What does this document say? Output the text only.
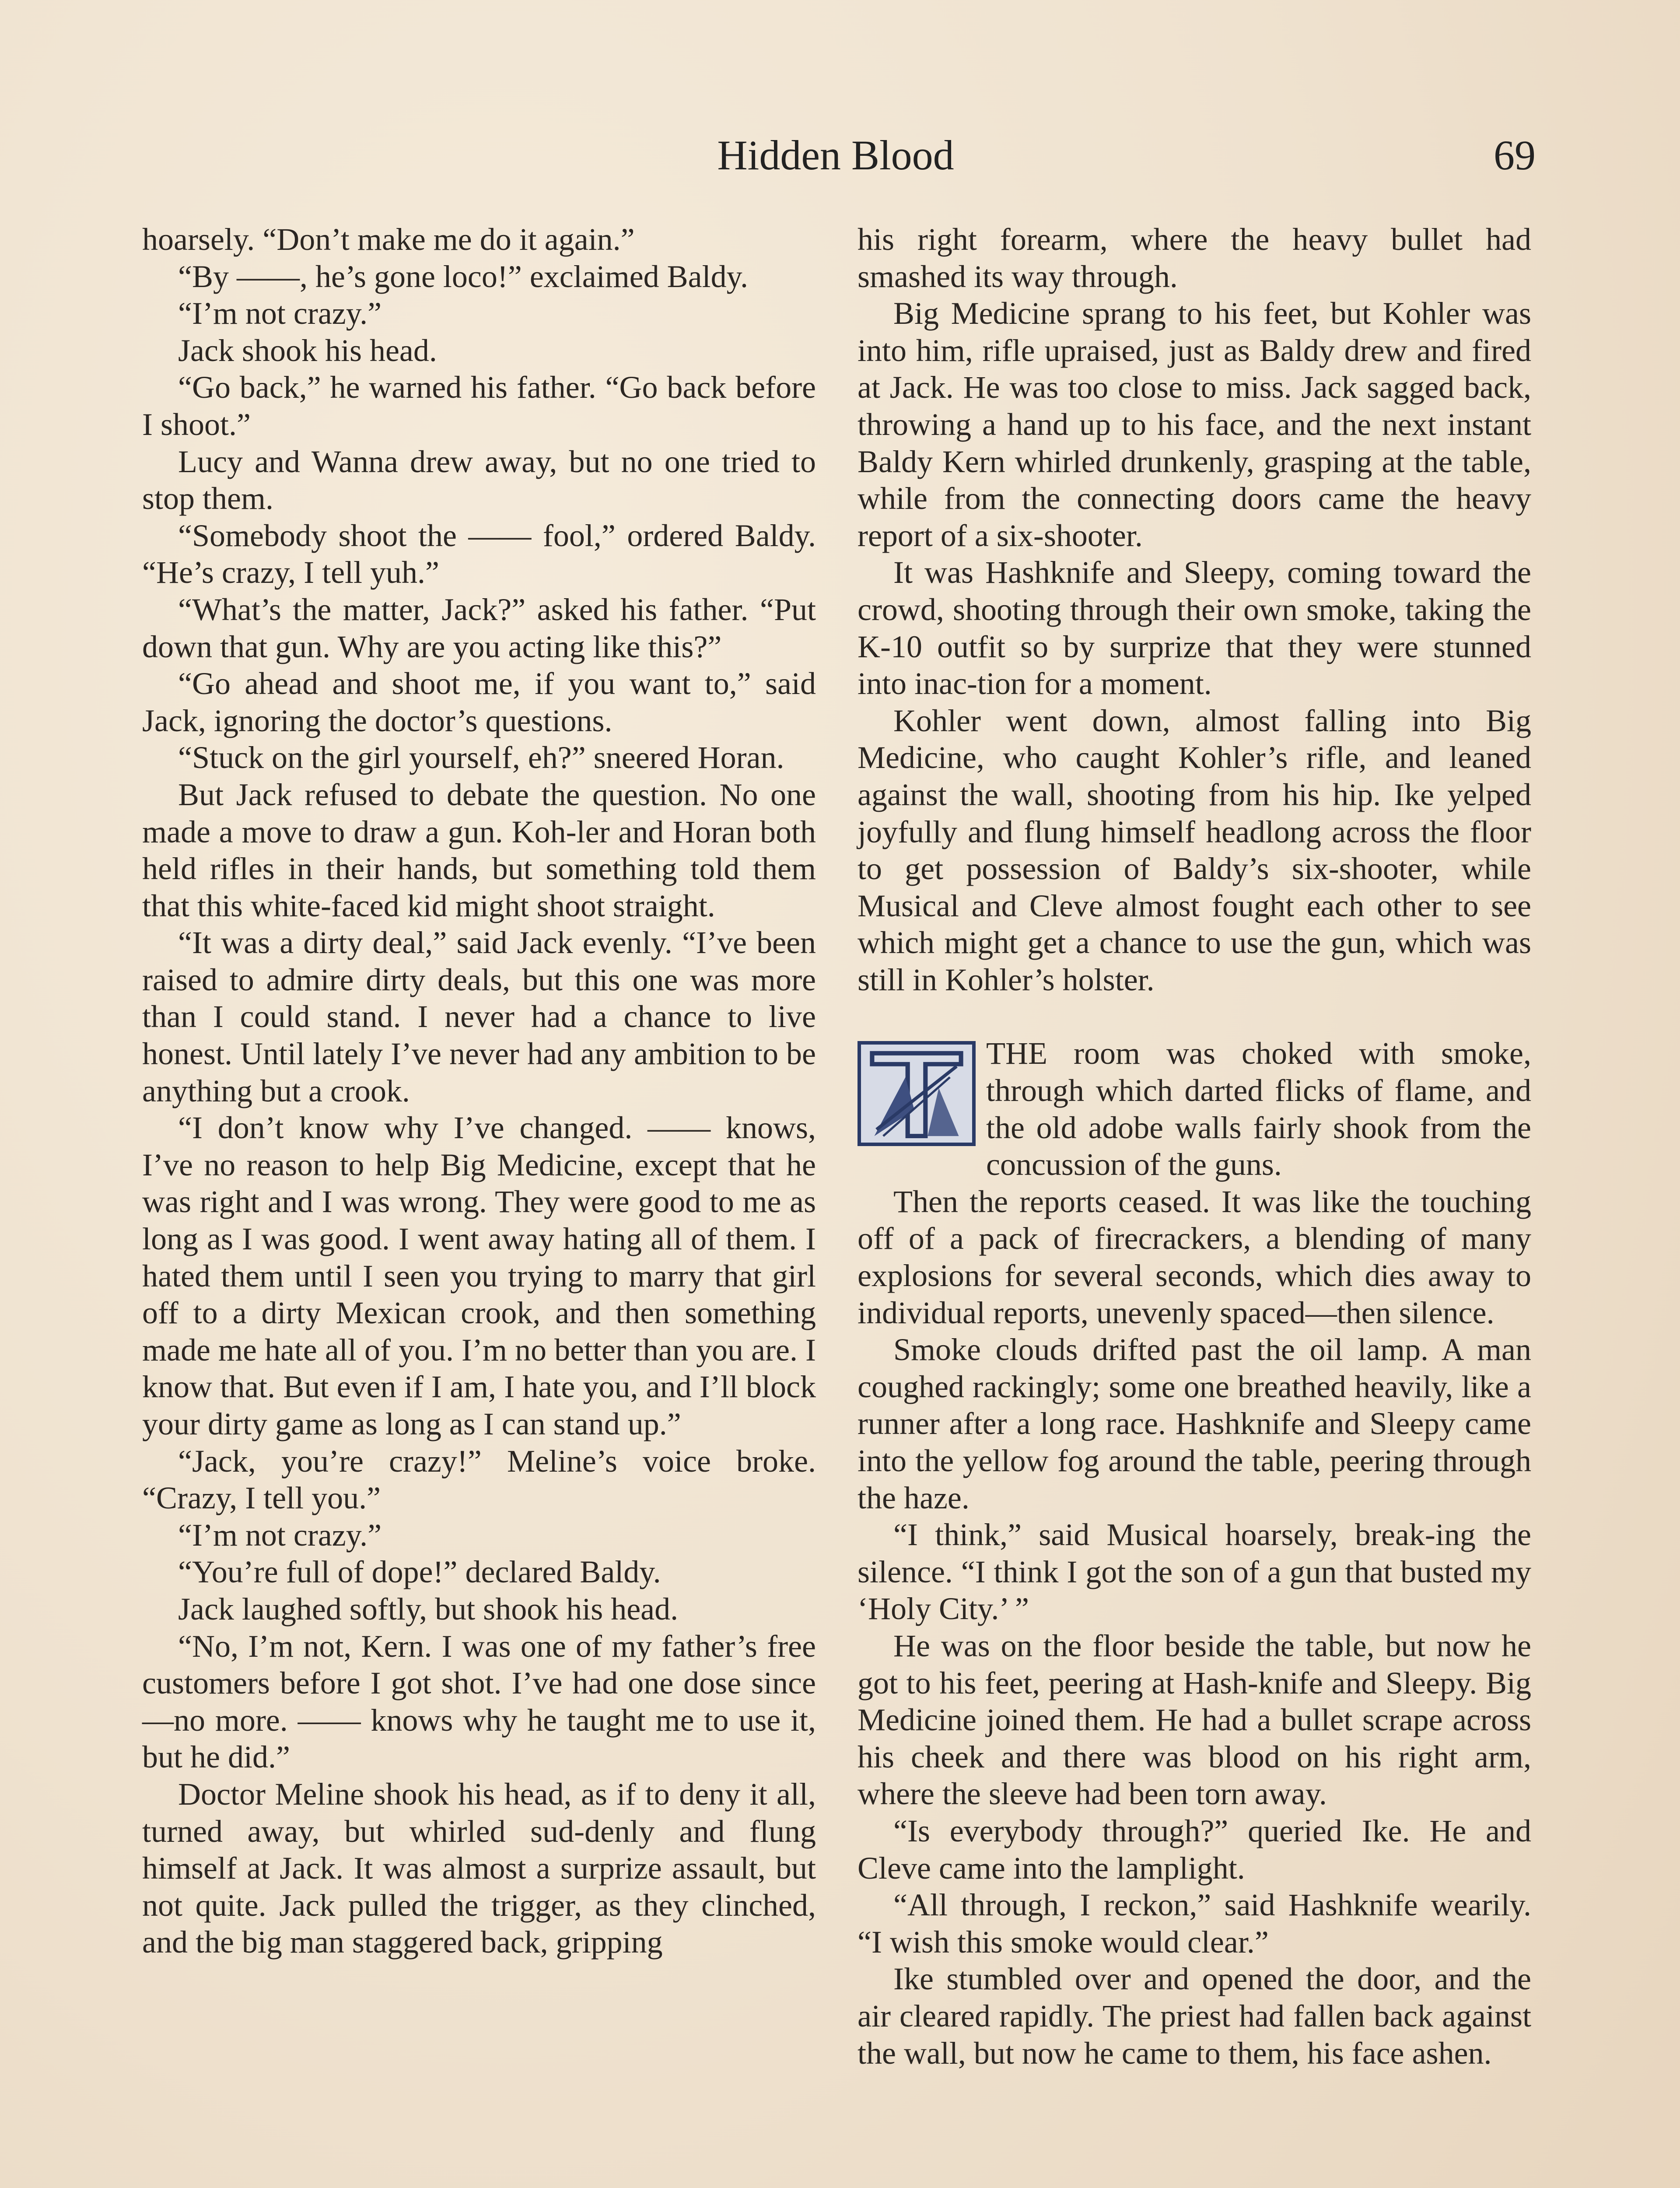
Hidden Blood	69

hoarsely. “Don’t make me do it again.”

“By ——, he’s gone loco!” exclaimed Baldy.

“I’m not crazy.”

Jack shook his head.

“Go back,” he warned his father. “Go back before I shoot.”

Lucy and Wanna drew away, but no one tried to stop them.

“Somebody shoot the —— fool,” ordered Baldy. “He’s crazy, I tell yuh.”

“What’s the matter, Jack?” asked his father. “Put down that gun. Why are you acting like this?”

“Go ahead and shoot me, if you want to,” said Jack, ignoring the doctor’s questions.

“Stuck on the girl yourself, eh?” sneered Horan.

But Jack refused to debate the question. No one made a move to draw a gun. Koh-ler and Horan both held rifles in their hands, but something told them that this white-faced kid might shoot straight.

“It was a dirty deal,” said Jack evenly. “I’ve been raised to admire dirty deals, but this one was more than I could stand. I never had a chance to live honest. Until lately I’ve never had any ambition to be anything but a crook.

“I don’t know why I’ve changed. —— knows, I’ve no reason to help Big Medicine, except that he was right and I was wrong. They were good to me as long as I was good. I went away hating all of them. I hated them until I seen you trying to marry that girl off to a dirty Mexican crook, and then something made me hate all of you. I’m no better than you are. I know that. But even if I am, I hate you, and I’ll block your dirty game as long as I can stand up.”

“Jack, you’re crazy!” Meline’s voice broke. “Crazy, I tell you.”

“I’m not crazy.”

“You’re full of dope!” declared Baldy.

Jack laughed softly, but shook his head.

“No, I’m not, Kern. I was one of my father’s free customers before I got shot. I’ve had one dose since—no more. —— knows why he taught me to use it, but he did.”

Doctor Meline shook his head, as if to deny it all, turned away, but whirled sud-denly and flung himself at Jack. It was almost a surprize assault, but not quite. Jack pulled the trigger, as they clinched, and the big man staggered back, gripping

his right forearm, where the heavy bullet had smashed its way through.

Big Medicine sprang to his feet, but Kohler was into him, rifle upraised, just as Baldy drew and fired at Jack. He was too close to miss. Jack sagged back, throwing a hand up to his face, and the next instant Baldy Kern whirled drunkenly, grasping at the table, while from the connecting doors came the heavy report of a six-shooter.

It was Hashknife and Sleepy, coming toward the crowd, shooting through their own smoke, taking the K-10 outfit so by surprize that they were stunned into inac-tion for a moment.

Kohler went down, almost falling into Big Medicine, who caught Kohler’s rifle, and leaned against the wall, shooting from his hip. Ike yelped joyfully and flung himself headlong across the floor to get possession of Baldy’s six-shooter, while Musical and Cleve almost fought each other to see which might get a chance to use the gun, which was still in Kohler’s holster.

THE room was choked with smoke, through which darted flicks of flame, and the old adobe walls fairly shook from the concussion of the guns.

Then the reports ceased. It was like the touching off of a pack of firecrackers, a blending of many explosions for several seconds, which dies away to individual reports, unevenly spaced—then silence.

Smoke clouds drifted past the oil lamp. A man coughed rackingly; some one breathed heavily, like a runner after a long race. Hashknife and Sleepy came into the yellow fog around the table, peering through the haze.

“I think,” said Musical hoarsely, break-ing the silence. “I think I got the son of a gun that busted my ‘Holy City.’ ”

He was on the floor beside the table, but now he got to his feet, peering at Hash-knife and Sleepy. Big Medicine joined them. He had a bullet scrape across his cheek and there was blood on his right arm, where the sleeve had been torn away.

“Is everybody through?” queried Ike. He and Cleve came into the lamplight.

“All through, I reckon,” said Hashknife wearily. “I wish this smoke would clear.”

Ike stumbled over and opened the door, and the air cleared rapidly. The priest had fallen back against the wall, but now he came to them, his face ashen.
